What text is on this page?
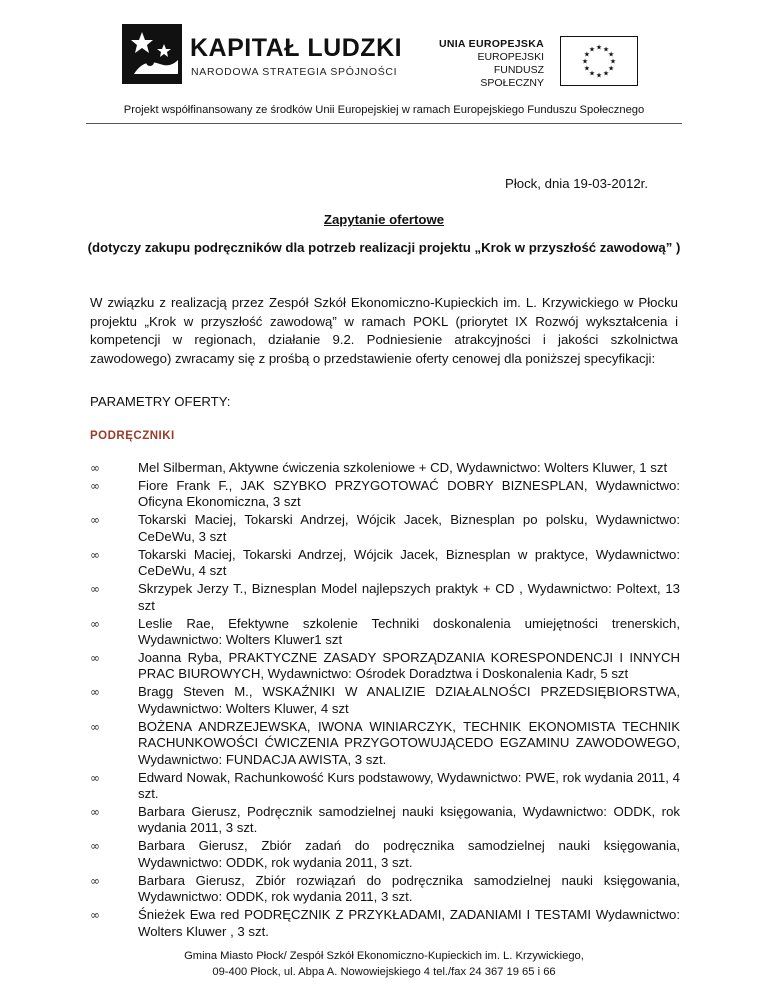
KAPITAŁ LUDZKI
NARODOWA STRATEGIA SPÓJNOŚCI
UNIA EUROPEJSKA
EUROPEJSKI
FUNDUSZ SPOŁECZNY
★ ★
★
★
★
★
★
★
★
★
★
★
Projekt współfinansowany ze środków Unii Europejskiej w ramach Europejskiego Funduszu Społecznego
Płock, dnia 19-03-2012r.
Zapytanie ofertowe
(dotyczy zakupu podręczników dla potrzeb realizacji projektu „Krok w przyszłość zawodową” )
W związku z realizacją przez Zespół Szkół Ekonomiczno-Kupieckich im. L. Krzywickiego w Płocku projektu „Krok w przyszłość zawodową” w ramach POKL (priorytet IX Rozwój wykształcenia i kompetencji w regionach, działanie 9.2. Podniesienie atrakcyjności i jakości szkolnictwa zawodowego) zwracamy się z prośbą o przedstawienie oferty cenowej dla poniższej specyfikacji:
PARAMETRY OFERTY:
PODRĘCZNIKI
∞	Mel Silberman, Aktywne ćwiczenia szkoleniowe + CD, Wydawnictwo: Wolters Kluwer, 1 szt
∞	Fiore Frank F., JAK SZYBKO PRZYGOTOWAĆ DOBRY BIZNESPLAN, Wydawnictwo: Oficyna Ekonomiczna, 3 szt
∞	Tokarski Maciej, Tokarski Andrzej, Wójcik Jacek, Biznesplan po polsku, Wydawnictwo: CeDeWu, 3 szt
∞	Tokarski Maciej, Tokarski Andrzej, Wójcik Jacek, Biznesplan w praktyce, Wydawnictwo: CeDeWu, 4 szt
∞	Skrzypek Jerzy T., Biznesplan Model najlepszych praktyk + CD , Wydawnictwo: Poltext, 13 szt
∞	Leslie Rae, Efektywne szkolenie Techniki doskonalenia umiejętności trenerskich, Wydawnictwo: Wolters Kluwer1 szt
∞	Joanna Ryba, PRAKTYCZNE ZASADY SPORZĄDZANIA KORESPONDENCJI I INNYCH PRAC BIUROWYCH, Wydawnictwo: Ośrodek Doradztwa i Doskonalenia Kadr, 5 szt
∞	Bragg Steven M., WSKAŹNIKI W ANALIZIE DZIAŁALNOŚCI PRZEDSIĘBIORSTWA, Wydawnictwo: Wolters Kluwer, 4 szt
∞	BOŻENA ANDRZEJEWSKA, IWONA WINIARCZYK, TECHNIK EKONOMISTA TECHNIK RACHUNKOWOŚCI ĆWICZENIA PRZYGOTOWUJĄCEDO EGZAMINU ZAWODOWEGO, Wydawnictwo: FUNDACJA AWISTA, 3 szt.
∞	Edward Nowak, Rachunkowość Kurs podstawowy, Wydawnictwo: PWE, rok wydania 2011, 4 szt.
∞	Barbara Gierusz, Podręcznik samodzielnej nauki księgowania, Wydawnictwo: ODDK, rok wydania 2011, 3 szt.
∞	Barbara Gierusz, Zbiór zadań do podręcznika samodzielnej nauki księgowania, Wydawnictwo: ODDK, rok wydania 2011, 3 szt.
∞	Barbara Gierusz, Zbiór rozwiązań do podręcznika samodzielnej nauki księgowania, Wydawnictwo: ODDK, rok wydania 2011, 3 szt.
∞	Śnieżek Ewa red PODRĘCZNIK Z PRZYKŁADAMI, ZADANIAMI I TESTAMI Wydawnictwo: Wolters Kluwer , 3 szt.
Gmina Miasto Płock/ Zespół Szkół Ekonomiczno-Kupieckich im. L. Krzywickiego,
09-400 Płock, ul. Abpa A. Nowowiejskiego 4 tel./fax 24 367 19 65 i 66
